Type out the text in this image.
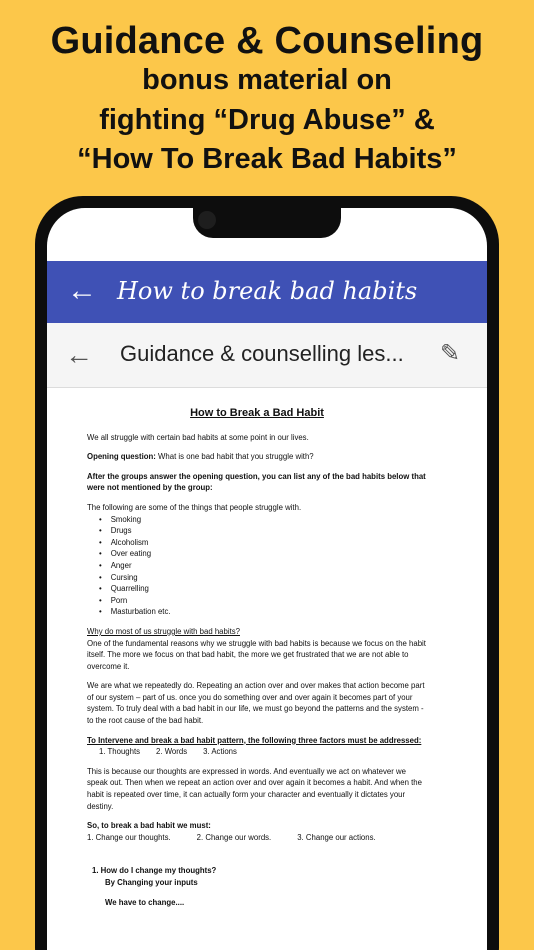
Guidance & Counseling
bonus material on
fighting “Drug Abuse” &
“How To Break Bad Habits”
← How to break bad habits
← Guidance & counselling les... ✎
How to Break a Bad Habit

We all struggle with certain bad habits at some point in our lives.

Opening question: What is one bad habit that you struggle with?

After the groups answer the opening question, you can list any of the bad habits below that were not mentioned by the group:

The following are some of the things that people struggle with.
• Smoking
• Drugs
• Alcoholism
• Over eating
• Anger
• Cursing
• Quarrelling
• Porn
• Masturbation etc.
Why do most of us struggle with bad habits?

One of the fundamental reasons why we struggle with bad habits is because we focus on the habit itself. The more we focus on that bad habit, the more we get frustrated that we are not able to overcome it.

We are what we repeatedly do. Repeating an action over and over makes that action become part of our system – part of us. once you do something over and over again it becomes part of your system. To truly deal with a bad habit in our life, we must go beyond the patterns and the system - to the root cause of the bad habit.

To Intervene and break a bad habit pattern, the following three factors must be addressed:

1. Thoughts 2. Words 3. Actions

This is because our thoughts are expressed in words. And eventually we act on whatever we speak out. Then when we repeat an action over and over again it becomes a habit. And when the habit is repeated over time, it can actually form your character and eventually it dictates your destiny.

So, to break a bad habit we must:

1. Change our thoughts.	2. Change our words.	3. Change our actions.

1. How do I change my thoughts?
By Changing your inputs
We have to change....
